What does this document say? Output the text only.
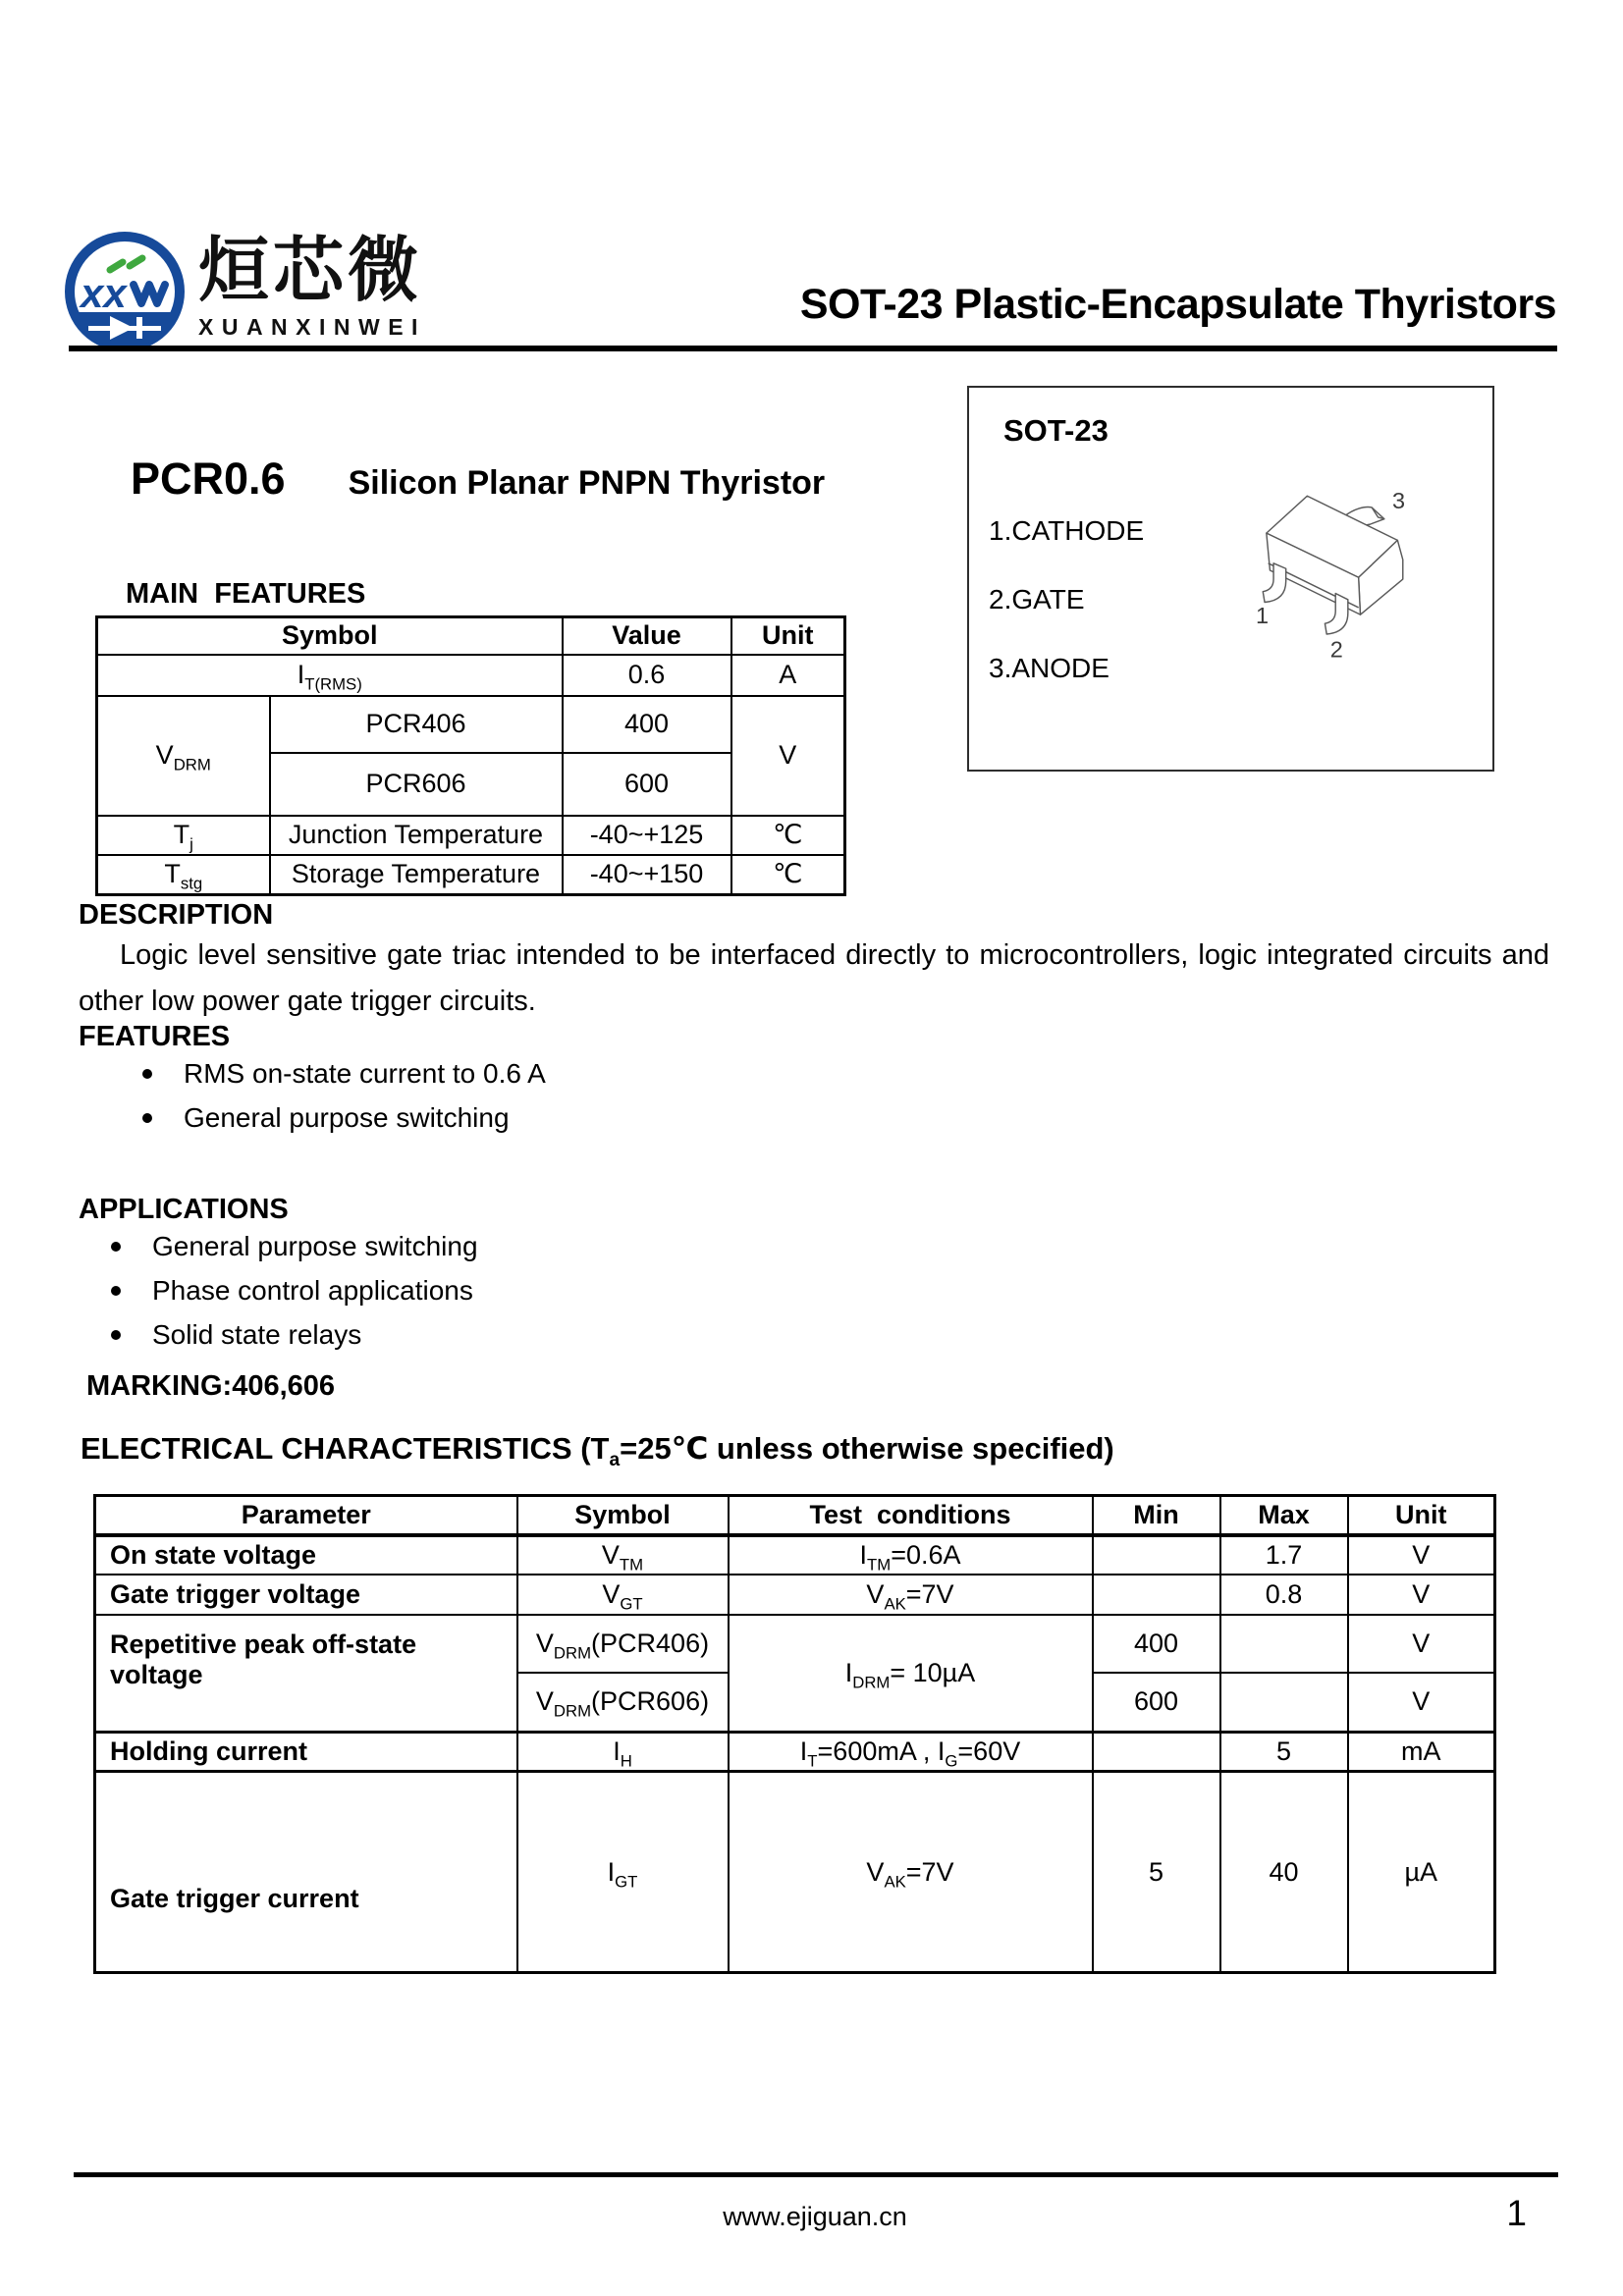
xx 烜芯微
XUANXINWEI	SOT-23 Plastic-Encapsulate Thyristors
PCR0.6 Silicon Planar PNPN Thyristor
SOT-23
1.CATHODE
2.GATE
3.ANODE
1
2
3
MAIN  FEATURES
Symbol		Value	Unit
$I_{T(RMS)}$		0.6	A
$V_{DRM}$	PCR406	400	V
	PCR606	600	
$T_j$	Junction Temperature	-40~+125	℃
$T_{stg}$	Storage Temperature	-40~+150	℃
DESCRIPTION
Logic level sensitive gate triac intended to be interfaced directly to microcontrollers, logic integrated circuits and other low power gate trigger circuits.
FEATURES
RMS on-state current to 0.6 A
General purpose switching
APPLICATIONS
General purpose switching
Phase control applications
Solid state relays
MARKING:406,606
ELECTRICAL CHARACTERISTICS ($T_a=25℃$ unless otherwise specified)
Parameter	Symbol	Test  conditions	Min	Max	Unit
On state voltage	$V_{TM}$	$I_{TM}=0.6A$		1.7	V
Gate trigger voltage	$V_{GT}$	$V_{AK}=7V$		0.8	V
Repetitive peak off-state voltage	$V_{DRM}(PCR406)$	$I_{DRM}= 10\mu A$	400		V
	$V_{DRM}(PCR606)$		600		V
Holding current	$I_H$	$I_T=600mA$ , $I_G=60V$		5	mA
Gate trigger current	$I_{GT}$	$V_{AK}=7V$	5	40	µA
www.ejiguan.cn	1
